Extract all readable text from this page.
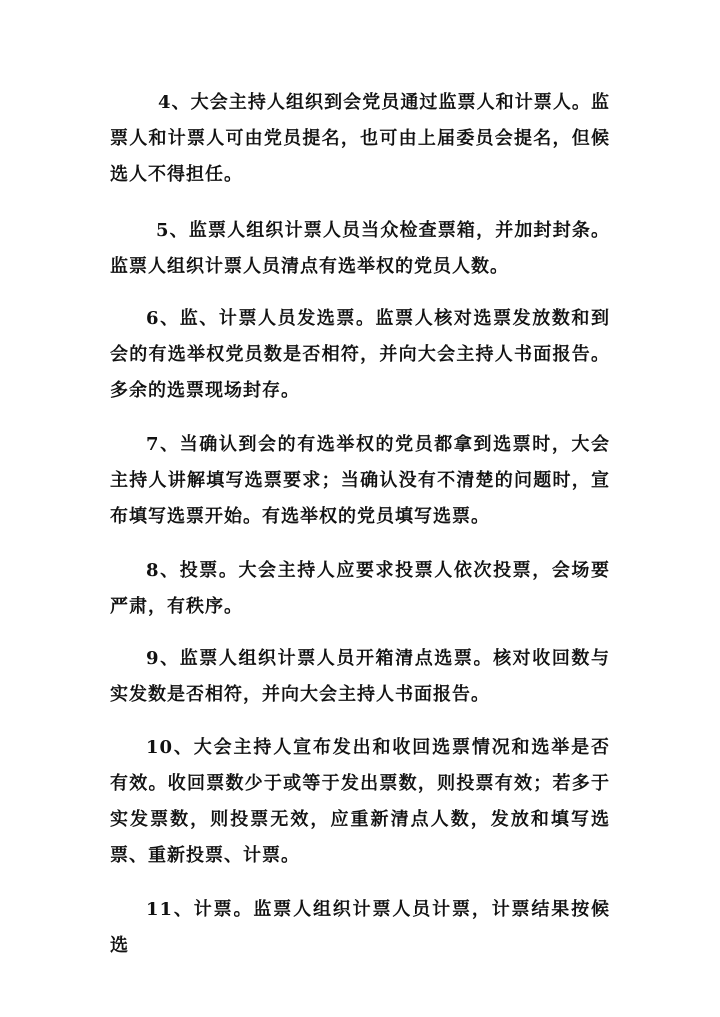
4、大会主持人组织到会党员通过监票人和计票人。监票人和计票人可由党员提名，也可由上届委员会提名，但候选人不得担任。

5、监票人组织计票人员当众检查票箱，并加封封条。监票人组织计票人员清点有选举权的党员人数。

6、监、计票人员发选票。监票人核对选票发放数和到会的有选举权党员数是否相符，并向大会主持人书面报告。多余的选票现场封存。

7、当确认到会的有选举权的党员都拿到选票时，大会主持人讲解填写选票要求；当确认没有不清楚的问题时，宣布填写选票开始。有选举权的党员填写选票。

8、投票。大会主持人应要求投票人依次投票，会场要严肃，有秩序。

9、监票人组织计票人员开箱清点选票。核对收回数与实发数是否相符，并向大会主持人书面报告。

10、大会主持人宣布发出和收回选票情况和选举是否有效。收回票数少于或等于发出票数，则投票有效；若多于实发票数，则投票无效，应重新清点人数，发放和填写选票、重新投票、计票。

11、计票。监票人组织计票人员计票，计票结果按候选
